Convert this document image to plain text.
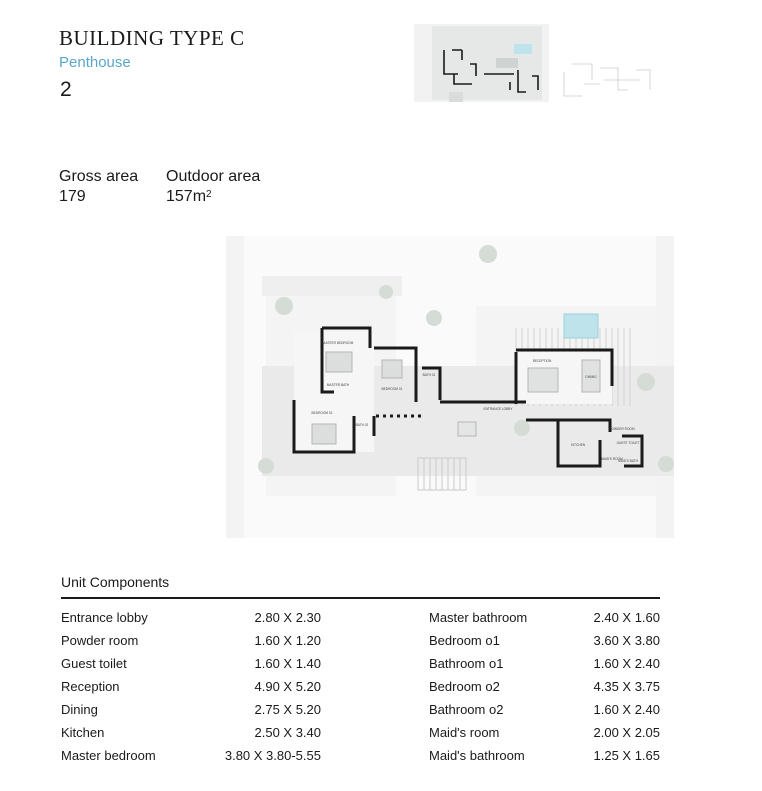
BUILDING TYPE C
Penthouse
2
Gross area
179
Outdoor area
$157m^2$
Unit Components
Entrance lobby	2.80 X 2.30
Powder room	1.60 X 1.20
Guest toilet	1.60 X 1.40
Reception	4.90 X 5.20
Dining	2.75 X 5.20
Kitchen	2.50 X 3.40
Master bedroom	3.80 X 3.80-5.55
Master bathroom	2.40 X 1.60
Bedroom o1	3.60 X 3.80
Bathroom o1	1.60 X 2.40
Bedroom o2	4.35 X 3.75
Bathroom o2	1.60 X 2.40
Maid's room	2.00 X 2.05
Maid's bathroom	1.25 X 1.65
MASTER BEDROOM
MASTER BATH
BEDROOM 01
BATH 01
BEDROOM 02
BATH 02
ENTRANCE LOBBY
RECEPTION
DINING
KITCHEN
POWDER ROOM
GUEST TOILET
MAID'S ROOM
MAID'S BATH
